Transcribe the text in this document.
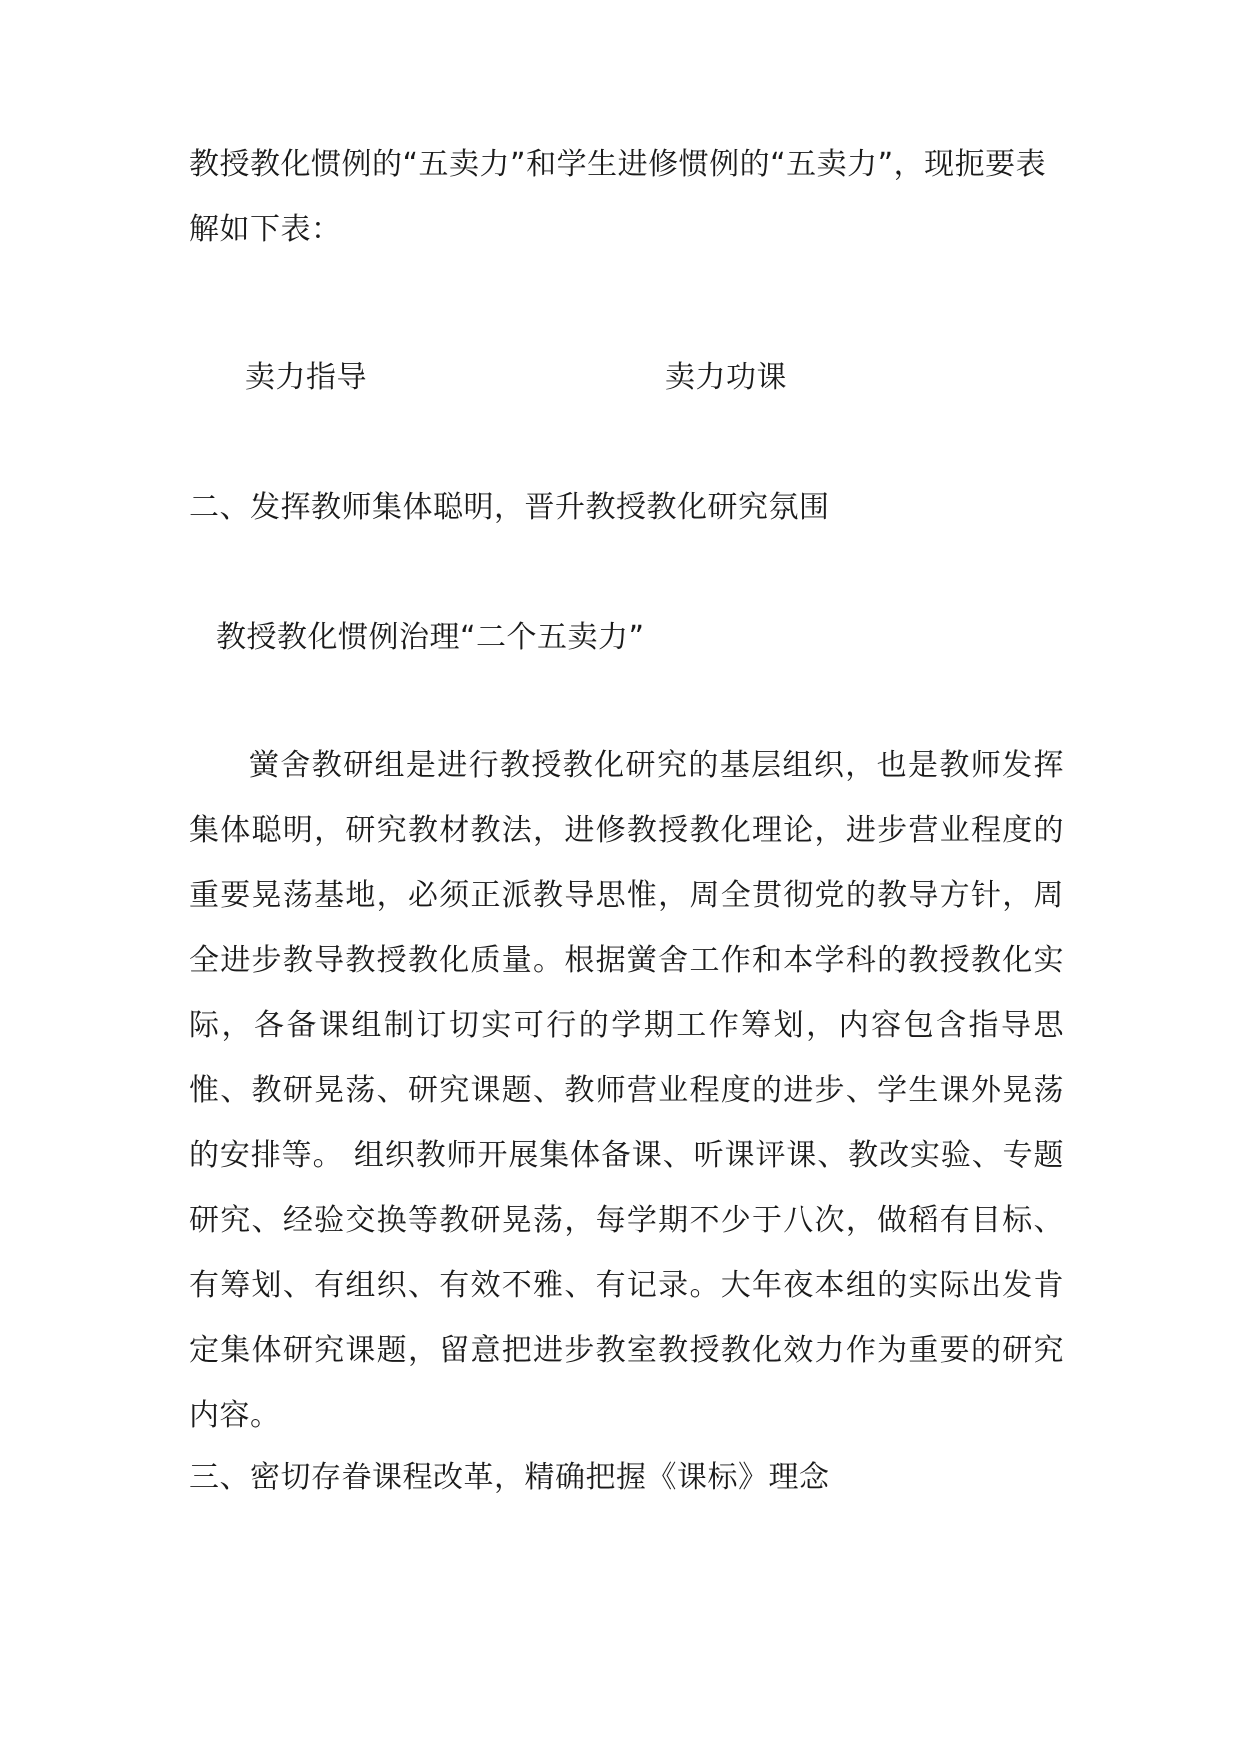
教授教化惯例的“五卖力”和学生进修惯例的“五卖力”，现扼要表
解如下表：
卖力指导	卖力功课
二、发挥教师集体聪明，晋升教授教化研究氛围
教授教化惯例治理“二个五卖力”
黉舍教研组是进行教授教化研究的基层组织，也是教师发挥集体聪明，研究教材教法，进修教授教化理论，进步营业程度的重要晃荡基地，必须正派教导思惟，周全贯彻党的教导方针，周全进步教导教授教化质量。根据黉舍工作和本学科的教授教化实际，各备课组制订切实可行的学期工作筹划，内容包含指导思惟、教研晃荡、研究课题、教师营业程度的进步、学生课外晃荡的安排等。 组织教师开展集体备课、听课评课、教改实验、专题研究、经验交换等教研晃荡，每学期不少于八次，做稻有目标、有筹划、有组织、有效不雅、有记录。大年夜本组的实际出发肯定集体研究课题，留意把进步教室教授教化效力作为重要的研究内容。
三、密切存眷课程改革，精确把握《课标》理念
